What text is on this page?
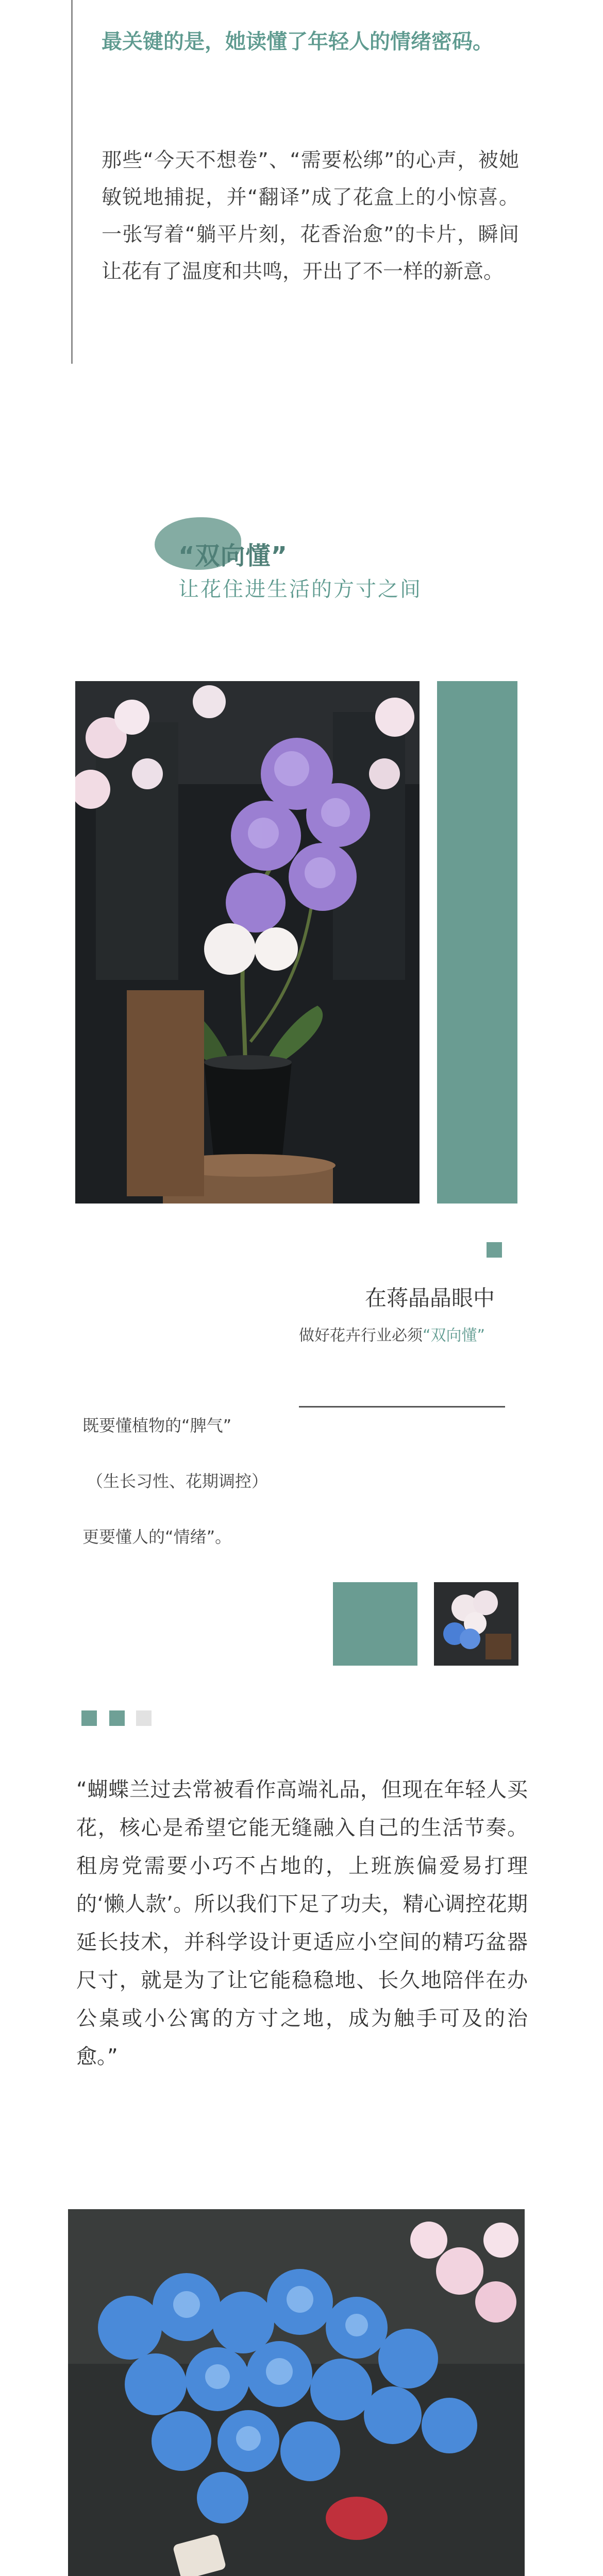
最关键的是，她读懂了年轻人的情绪密码。
那些“今天不想卷”、“需要松绑”的心声，被她敏锐地捕捉，并“翻译”成了花盒上的小惊喜。一张写着“躺平片刻，花香治愈”的卡片，瞬间让花有了温度和共鸣，开出了不一样的新意。
“双向懂”
让花住进生活的方寸之间
在蒋晶晶眼中
做好花卉行业必须“双向懂”
既要懂植物的“脾气”
（生长习性、花期调控）
更要懂人的“情绪”。
“蝴蝶兰过去常被看作高端礼品，但现在年轻人买花，核心是希望它能无缝融入自己的生活节奏。租房党需要小巧不占地的，上班族偏爱易打理的‘懒人款’。所以我们下足了功夫，精心调控花期延长技术，并科学设计更适应小空间的精巧盆器尺寸，就是为了让它能稳稳地、长久地陪伴在办公桌或小公寓的方寸之地，成为触手可及的治愈。”
